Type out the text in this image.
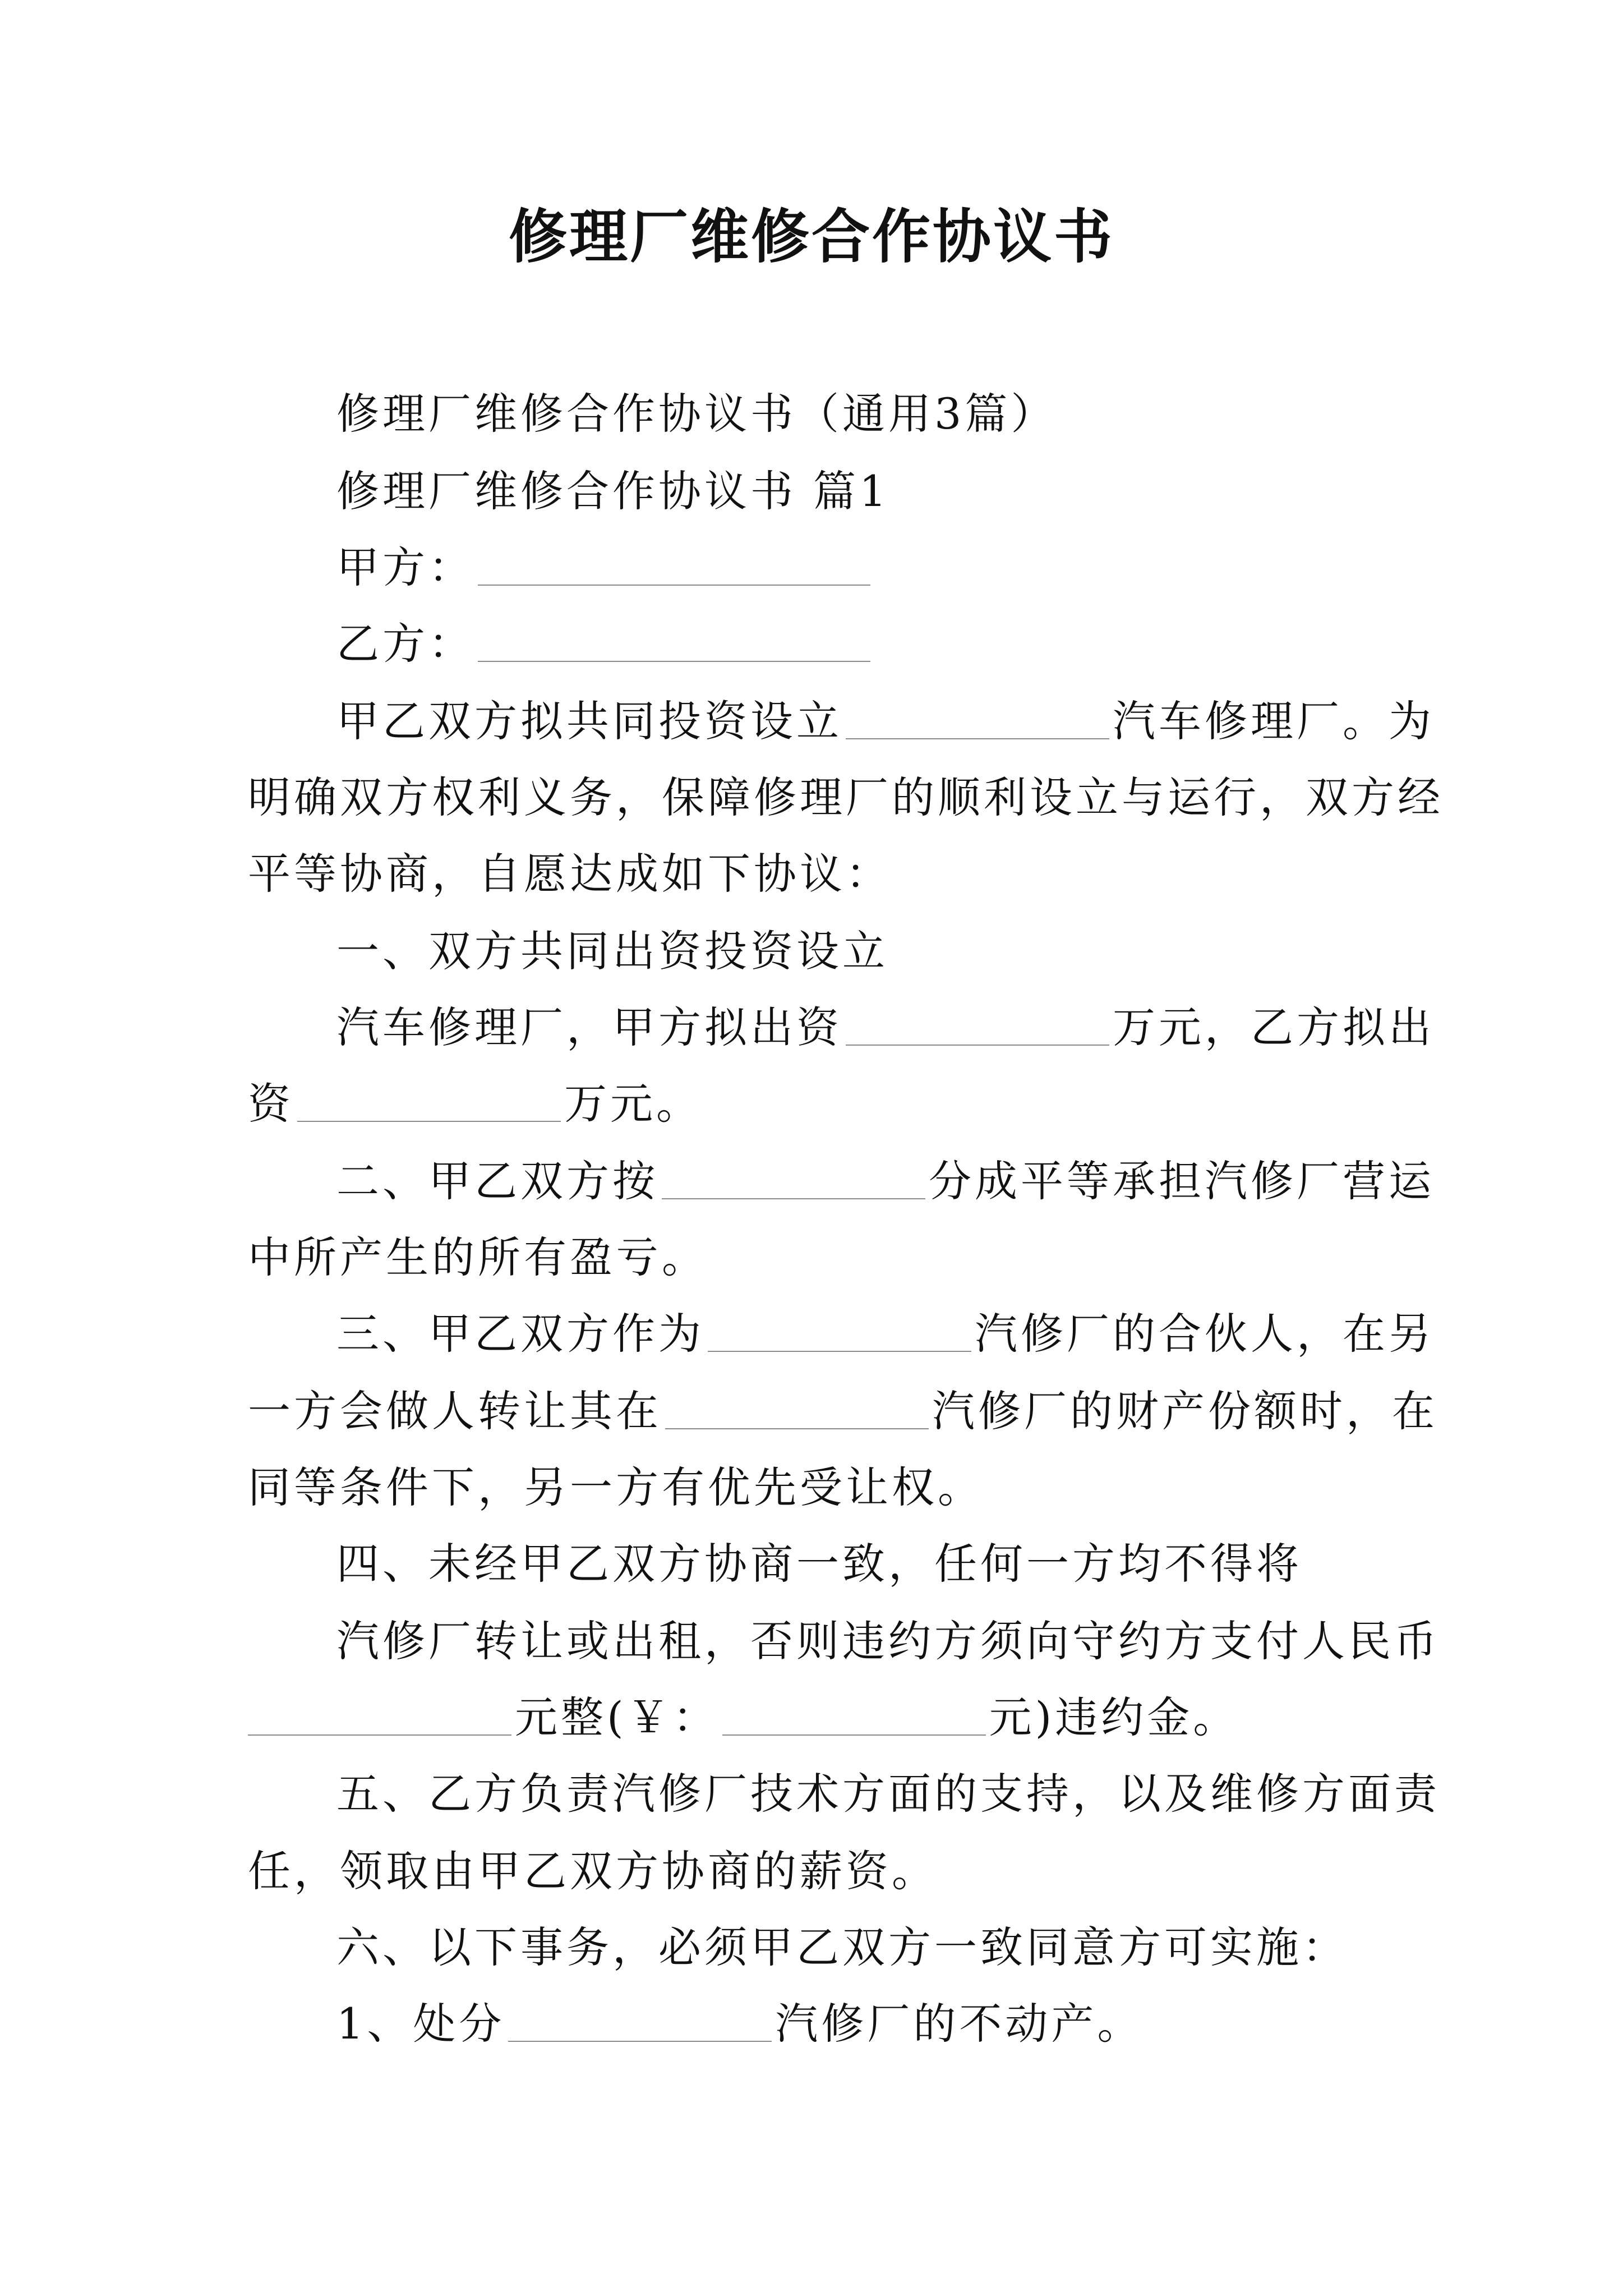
修理厂维修合作协议书
修理厂维修合作协议书（通用3篇）
修理厂维修合作协议书 篇1
甲方：
乙方：
甲乙双方拟共同投资设立	汽车修理厂。为
明确双方权利义务，保障修理厂的顺利设立与运行，双方经
平等协商，自愿达成如下协议：
一、双方共同出资投资设立
汽车修理厂，甲方拟出资	万元，乙方拟出
资	万元。
二、甲乙双方按	分成平等承担汽修厂营运
中所产生的所有盈亏。
三、甲乙双方作为	汽修厂的合伙人，在另
一方会做人转让其在	汽修厂的财产份额时，在
同等条件下，另一方有优先受让权。
四、未经甲乙双方协商一致，任何一方均不得将
汽修厂转让或出租，否则违约方须向守约方支付人民币
元整(￥：	元)违约金。
五、乙方负责汽修厂技术方面的支持，以及维修方面责
任，领取由甲乙双方协商的薪资。
六、以下事务，必须甲乙双方一致同意方可实施：
1、处分	汽修厂的不动产。
